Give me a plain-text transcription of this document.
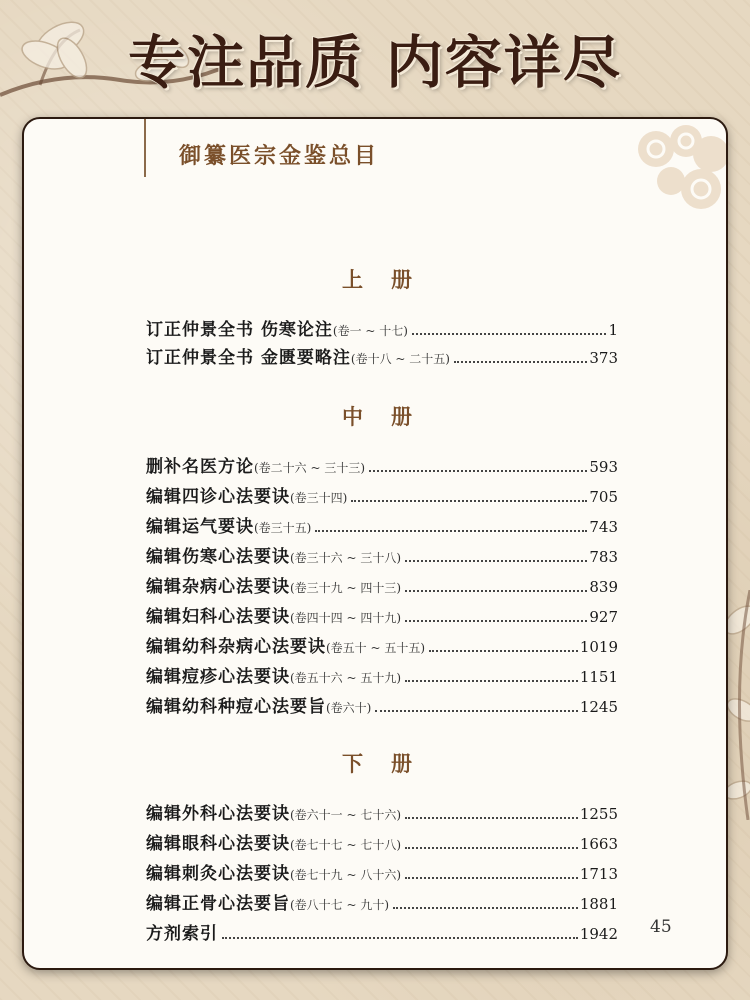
专注品质 内容详尽
御纂医宗金鉴总目
上册
订正仲景全书 伤寒论注 (卷一 ~ 十七)	1
订正仲景全书 金匮要略注 (卷十八 ~ 二十五)	373
中册
删补名医方论 (卷二十六 ~ 三十三)	593
编辑四诊心法要诀 (卷三十四)	705
编辑运气要诀 (卷三十五)	743
编辑伤寒心法要诀 (卷三十六 ~ 三十八)	783
编辑杂病心法要诀 (卷三十九 ~ 四十三)	839
编辑妇科心法要诀 (卷四十四 ~ 四十九)	927
编辑幼科杂病心法要诀 (卷五十 ~ 五十五)	1019
编辑痘疹心法要诀 (卷五十六 ~ 五十九)	1151
编辑幼科种痘心法要旨 (卷六十)	1245
下册
编辑外科心法要诀 (卷六十一 ~ 七十六)	1255
编辑眼科心法要诀 (卷七十七 ~ 七十八)	1663
编辑刺灸心法要诀 (卷七十九 ~ 八十六)	1713
编辑正骨心法要旨 (卷八十七 ~ 九十)	1881
方剂索引	1942 45
